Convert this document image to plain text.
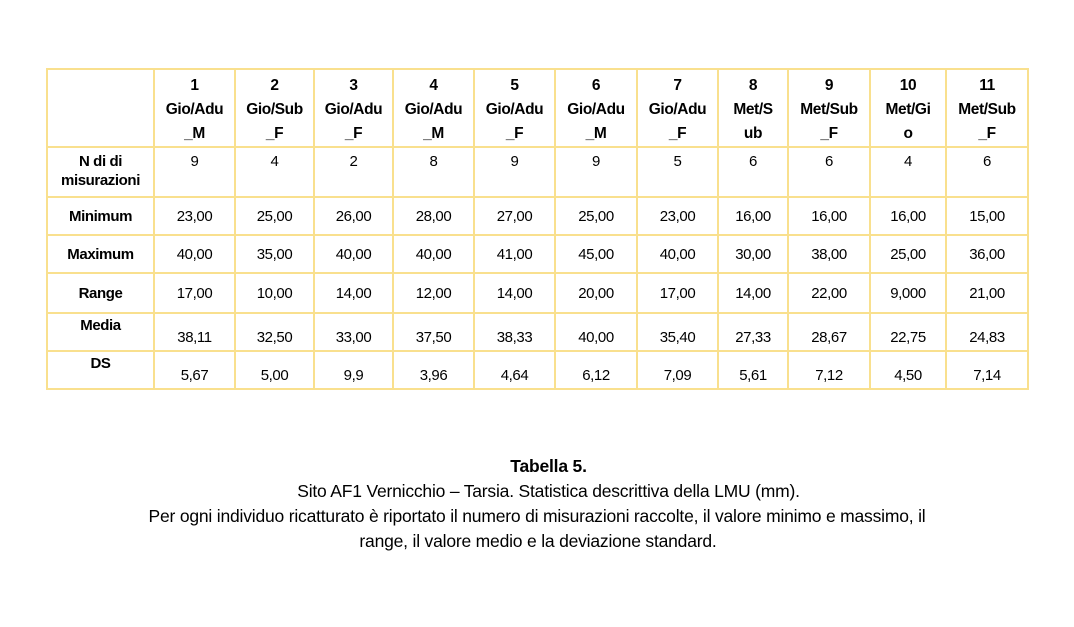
	1
Gio/Adu
_M	2
Gio/Sub
_F	3
Gio/Adu
_F	4
Gio/Adu
_M	5
Gio/Adu
_F	6
Gio/Adu
_M	7
Gio/Adu
_F	8
Met/S
ub	9
Met/Sub
_F	10
Met/Gi
o	11
Met/Sub
_F

N di di misurazioni	9	4	2	8	9	9	5	6	6	4	6
Minimum	23,00	25,00	26,00	28,00	27,00	25,00	23,00	16,00	16,00	16,00	15,00
Maximum	40,00	35,00	40,00	40,00	41,00	45,00	40,00	30,00	38,00	25,00	36,00
Range	17,00	10,00	14,00	12,00	14,00	20,00	17,00	14,00	22,00	9,000	21,00
Media	38,11	32,50	33,00	37,50	38,33	40,00	35,40	27,33	28,67	22,75	24,83
DS	5,67	5,00	9,9	3,96	4,64	6,12	7,09	5,61	7,12	4,50	7,14
Tabella 5.
Sito AF1 Vernicchio – Tarsia. Statistica descrittiva della LMU (mm).
Per ogni individuo ricatturato è riportato il numero di misurazioni raccolte, il valore minimo e massimo, il
range, il valore medio e la deviazione standard.
